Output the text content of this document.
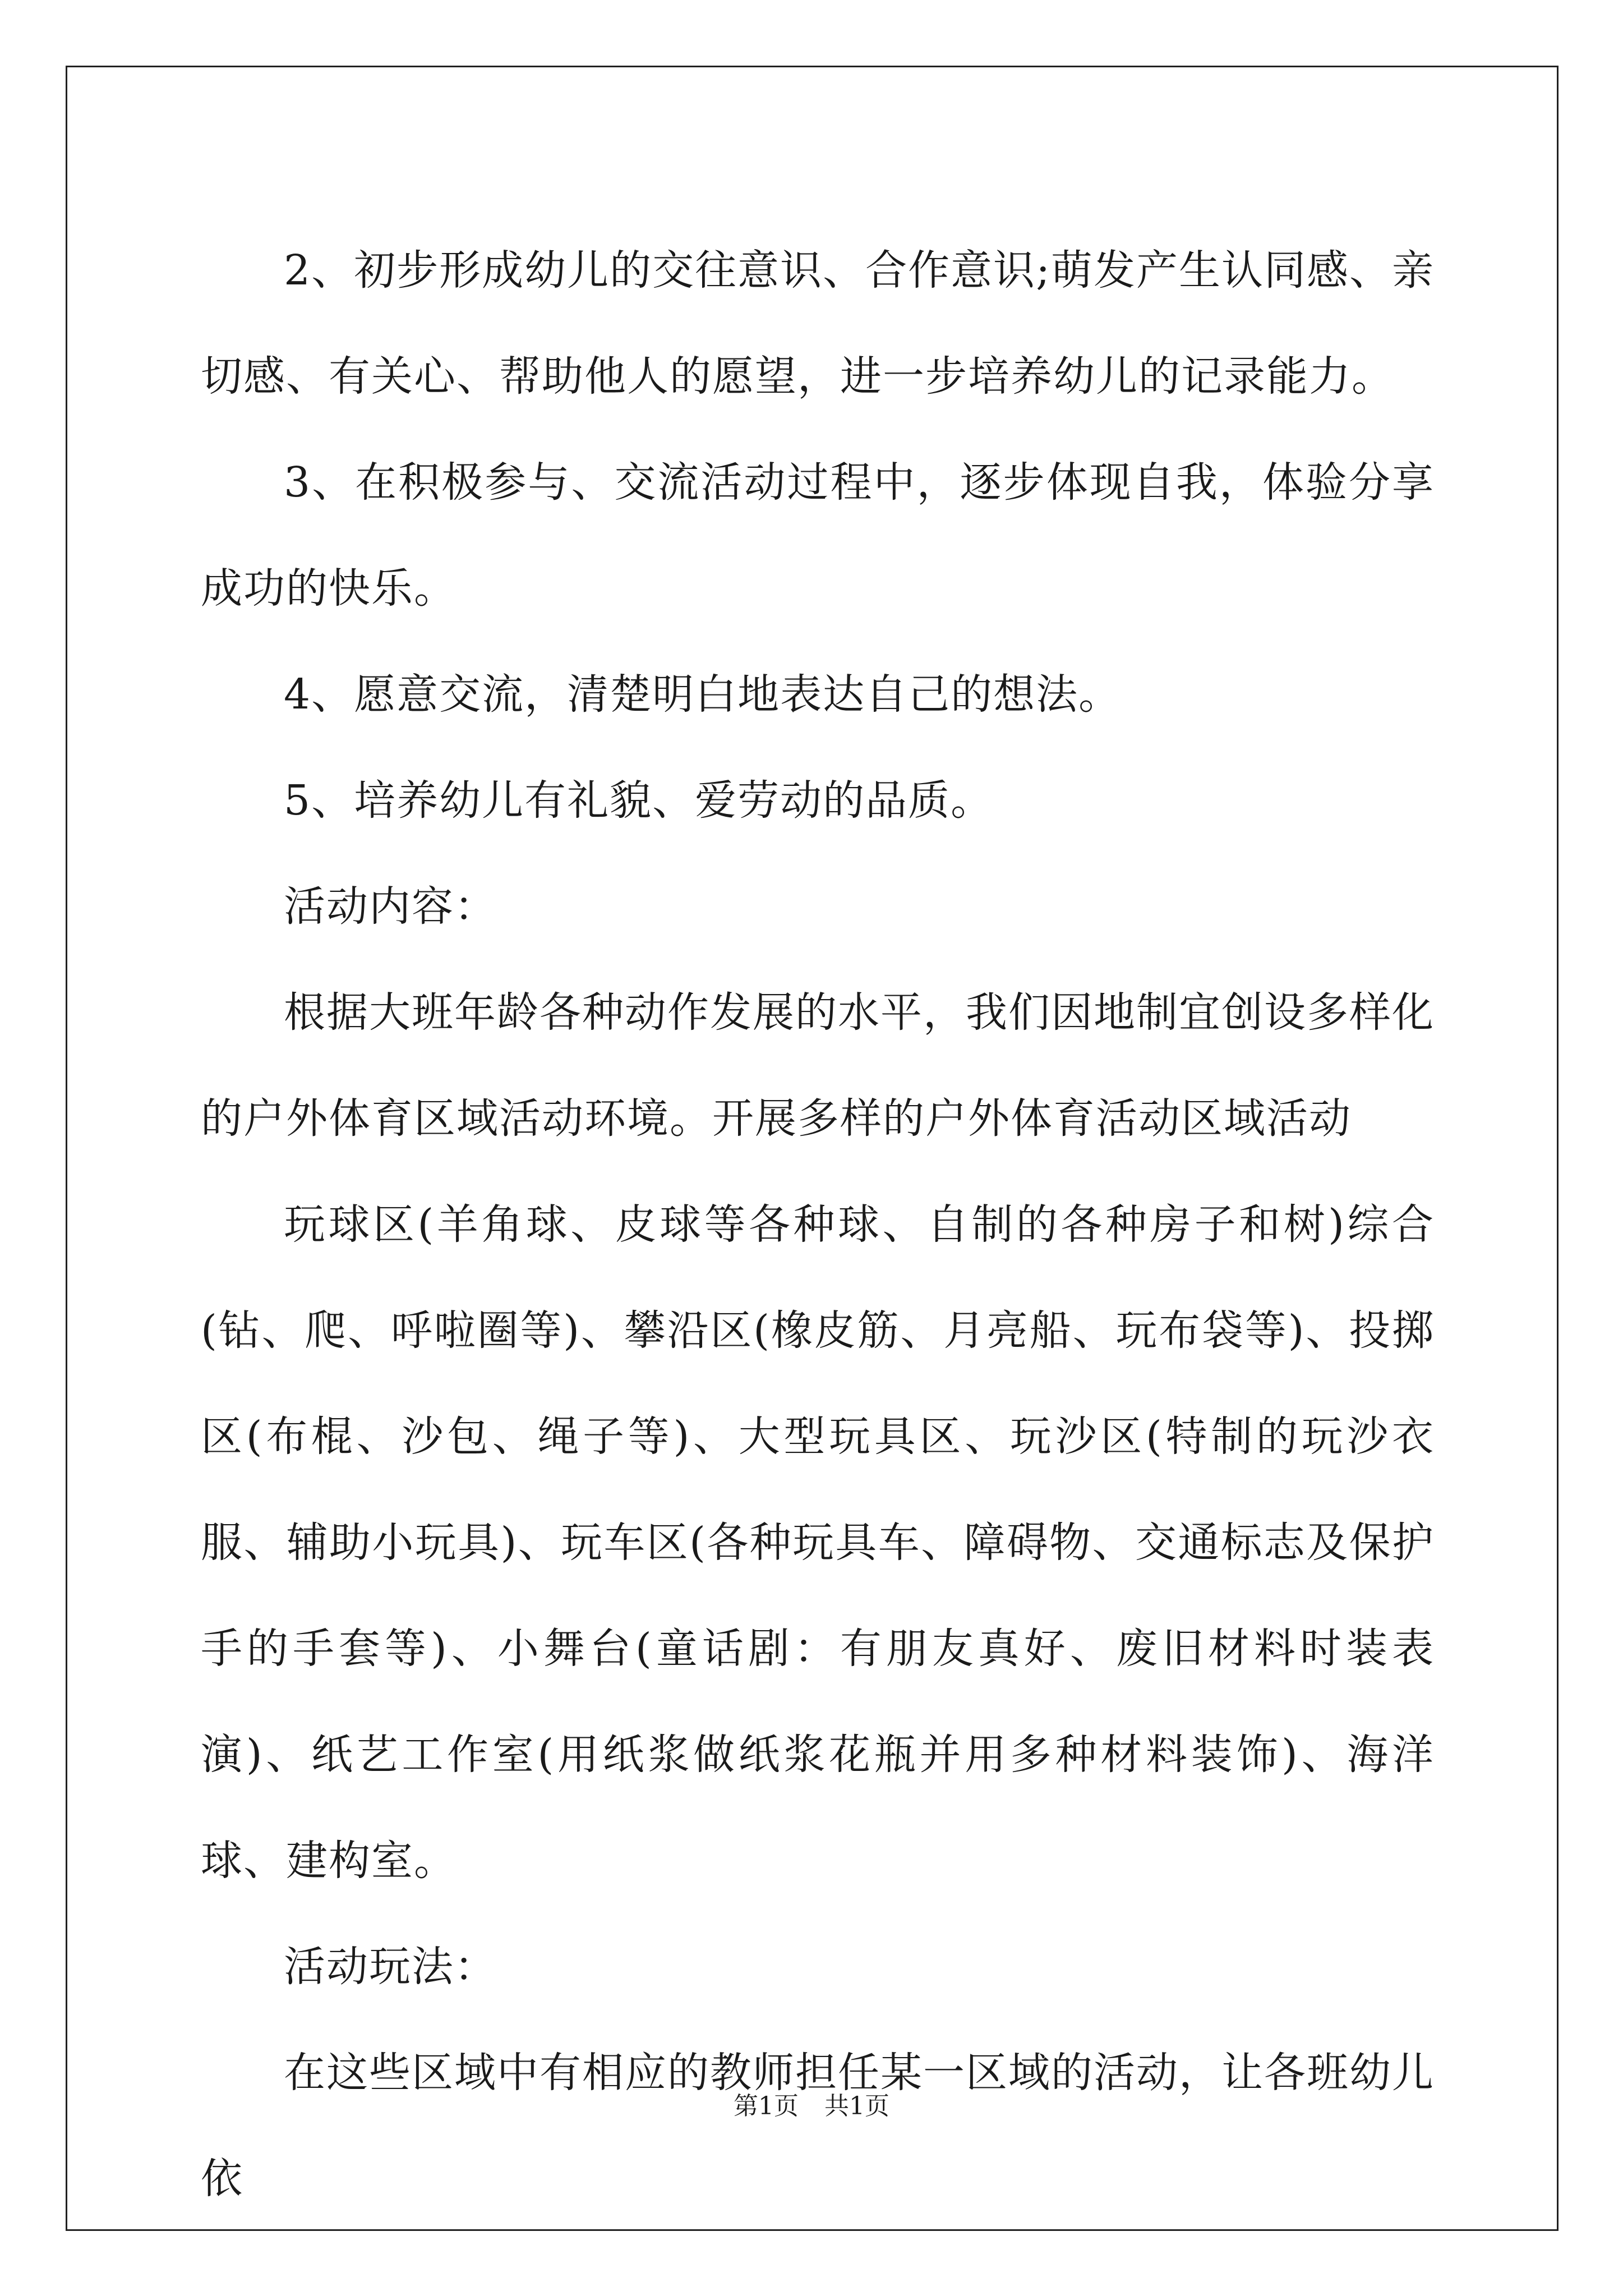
2、初步形成幼儿的交往意识、合作意识;萌发产生认同感、亲切感、有关心、帮助他人的愿望，进一步培养幼儿的记录能力。

3、在积极参与、交流活动过程中，逐步体现自我，体验分享成功的快乐。

4、愿意交流，清楚明白地表达自己的想法。

5、培养幼儿有礼貌、爱劳动的品质。

活动内容：

根据大班年龄各种动作发展的水平，我们因地制宜创设多样化的户外体育区域活动环境。开展多样的户外体育活动区域活动

玩球区(羊角球、皮球等各种球、自制的各种房子和树)综合(钻、爬、呼啦圈等)、攀沿区(橡皮筋、月亮船、玩布袋等)、投掷区(布棍、沙包、绳子等)、大型玩具区、玩沙区(特制的玩沙衣服、辅助小玩具)、玩车区(各种玩具车、障碍物、交通标志及保护手的手套等)、小舞台(童话剧：有朋友真好、废旧材料时装表演)、纸艺工作室(用纸浆做纸浆花瓶并用多种材料装饰)、海洋球、建构室。

活动玩法：

在这些区域中有相应的教师担任某一区域的活动，让各班幼儿依

第1页 共1页
